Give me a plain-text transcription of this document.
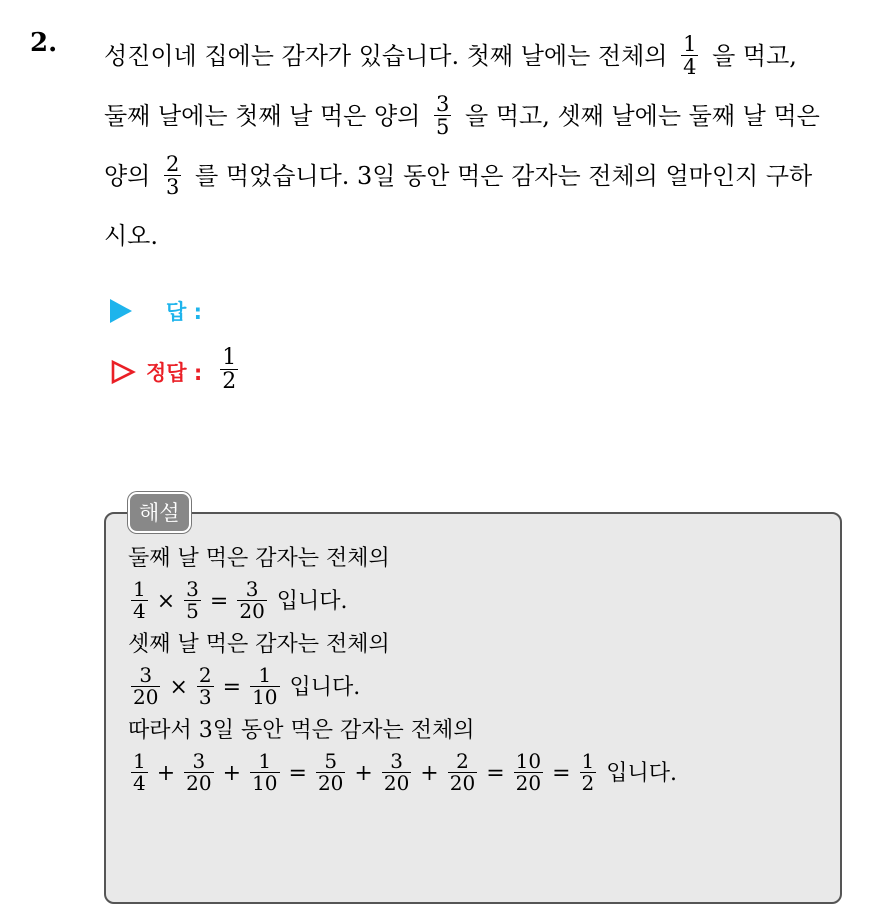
2. 성진이네 집에는 감자가 있습니다. 첫째 날에는 전체의 $\frac{1}{4}$ 을 먹고,
둘째 날에는 첫째 날 먹은 양의 $\frac{3}{5}$ 을 먹고, 셋째 날에는 둘째 날 먹은
양의 $\frac{2}{3}$ 를 먹었습니다. 3일 동안 먹은 감자는 전체의 얼마인지 구하
시오.
답 :
정답 : $\frac{1}{2}$
해설
둘째 날 먹은 감자는 전체의
$\frac{1}{4} \times \frac{3}{5} = \frac{3}{20}$ 입니다.
셋째 날 먹은 감자는 전체의
$\frac{3}{20} \times \frac{2}{3} = \frac{1}{10}$ 입니다.
따라서 3일 동안 먹은 감자는 전체의
$\frac{1}{4} + \frac{3}{20} + \frac{1}{10} = \frac{5}{20} + \frac{3}{20} + \frac{2}{20} = \frac{10}{20} = \frac{1}{2}$ 입니다.
